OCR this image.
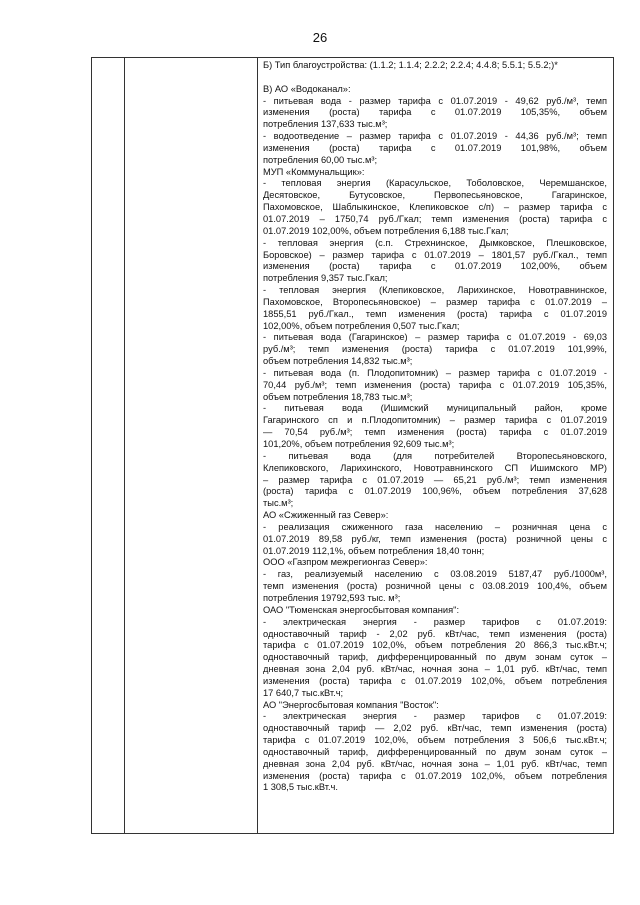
26
Б) Тип благоустройства: (1.1.2; 1.1.4; 2.2.2; 2.2.4; 4.4.8; 5.5.1; 5.5.2;)*
В) АО «Водоканал»:
- питьевая вода - размер тарифа с 01.07.2019 - 49,62 руб./м³, темп
изменения (роста) тарифа с 01.07.2019 105,35%, объем
потребления 137,633 тыс.м³;
- водоотведение – размер тарифа с 01.07.2019 - 44,36 руб./м³; темп
изменения (роста) тарифа с 01.07.2019 101,98%, объем
потребления 60,00 тыс.м³;
МУП «Коммунальщик»:
- тепловая энергия (Карасульское, Тоболовское, Черемшанское,
Десятовское, Бутусовское, Первопесьяновское, Гагаринское,
Пахомовское, Шаблыкинское, Клепиковское с/п) – размер тарифа с
01.07.2019 – 1750,74 руб./Гкал; темп изменения (роста) тарифа с
01.07.2019 102,00%, объем потребления 6,188 тыс.Гкал;
- тепловая энергия (с.п. Стрехнинское, Дымковское, Плешковское,
Боровское) – размер тарифа с 01.07.2019 – 1801,57 руб./Гкал., темп
изменения (роста) тарифа с 01.07.2019 102,00%, объем
потребления 9,357 тыс.Гкал;
- тепловая энергия (Клепиковское, Ларихинское, Новотравнинское,
Пахомовское, Второпесьяновское) – размер тарифа с 01.07.2019 –
1855,51 руб./Гкал., темп изменения (роста) тарифа с 01.07.2019
102,00%, объем потребления 0,507 тыс.Гкал;
- питьевая вода (Гагаринское) – размер тарифа с 01.07.2019 - 69,03
руб./м³; темп изменения (роста) тарифа с 01.07.2019 101,99%,
объем потребления 14,832 тыс.м³;
- питьевая вода (п. Плодопитомник) – размер тарифа с 01.07.2019 -
70,44 руб./м³; темп изменения (роста) тарифа с 01.07.2019 105,35%,
объем потребления 18,783 тыс.м³;
- питьевая вода (Ишимский муниципальный район, кроме
Гагаринского сп и п.Плодопитомник) – размер тарифа с 01.07.2019
— 70,54 руб./м³; темп изменения (роста) тарифа с 01.07.2019
101,20%, объем потребления 92,609 тыс.м³;
- питьевая вода (для потребителей Второпесьяновского,
Клепиковского, Ларихинского, Новотравнинского СП Ишимского МР)
– размер тарифа с 01.07.2019 — 65,21 руб./м³; темп изменения
(роста) тарифа с 01.07.2019 100,96%, объем потребления 37,628
тыс.м³;
АО «Сжиженный газ Север»:
- реализация сжиженного газа населению – розничная цена с
01.07.2019 89,58 руб./кг, темп изменения (роста) розничной цены с
01.07.2019 112,1%, объем потребления 18,40 тонн;
ООО «Газпром межрегионгаз Север»:
- газ, реализуемый населению с 03.08.2019 5187,47 руб./1000м³,
темп изменения (роста) розничной цены с 03.08.2019 100,4%, объем
потребления 19792,593 тыс. м³;
ОАО "Тюменская энергосбытовая компания":
- электрическая энергия - размер тарифов с 01.07.2019:
одноставочный тариф - 2,02 руб. кВт/час, темп изменения (роста)
тарифа с 01.07.2019 102,0%, объем потребления 20 866,3 тыс.кВт.ч;
одноставочный тариф, дифференцированный по двум зонам суток –
дневная зона 2,04 руб. кВт/час, ночная зона – 1,01 руб. кВт/час, темп
изменения (роста) тарифа с 01.07.2019 102,0%, объем потребления
17 640,7 тыс.кВт.ч;
АО "Энергосбытовая компания "Восток":
- электрическая энергия - размер тарифов с 01.07.2019:
одноставочный тариф — 2,02 руб. кВт/час, темп изменения (роста)
тарифа с 01.07.2019 102,0%, объем потребления 3 506,6 тыс.кВт.ч;
одноставочный тариф, дифференцированный по двум зонам суток –
дневная зона 2,04 руб. кВт/час, ночная зона – 1,01 руб. кВт/час, темп
изменения (роста) тарифа с 01.07.2019 102,0%, объем потребления
1 308,5 тыс.кВт.ч.
